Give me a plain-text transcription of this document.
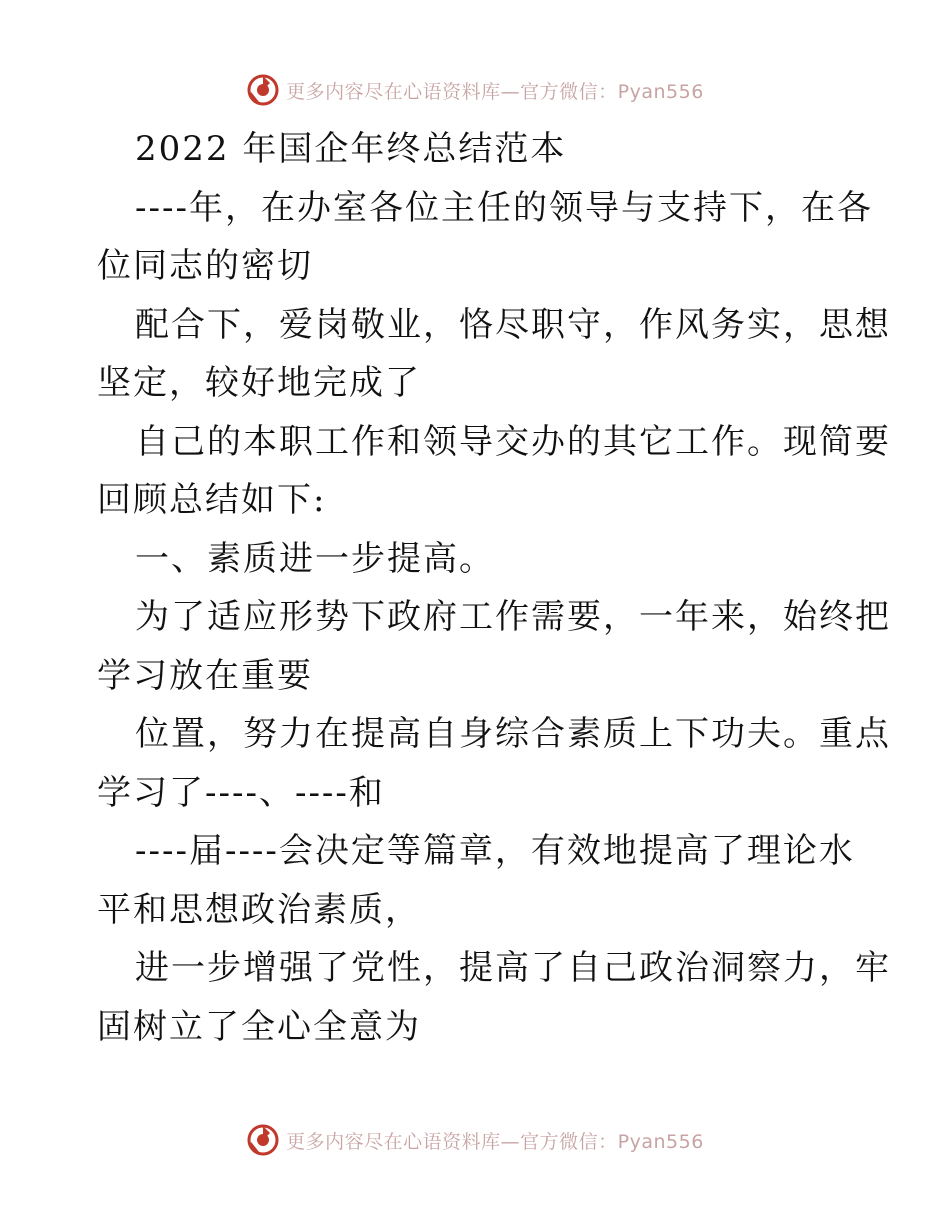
更多内容尽在心语资料库—官方微信：Pyan556
2022 年国企年终总结范本
----年，在办室各位主任的领导与支持下，在各
位同志的密切
配合下，爱岗敬业，恪尽职守，作风务实，思想
坚定，较好地完成了
自己的本职工作和领导交办的其它工作。现简要
回顾总结如下:
一、素质进一步提高。
为了适应形势下政府工作需要，一年来，始终把
学习放在重要
位置，努力在提高自身综合素质上下功夫。重点
学习了----、----和
----届----会决定等篇章，有效地提高了理论水
平和思想政治素质，
进一步增强了党性，提高了自己政治洞察力，牢
固树立了全心全意为
更多内容尽在心语资料库—官方微信：Pyan556
